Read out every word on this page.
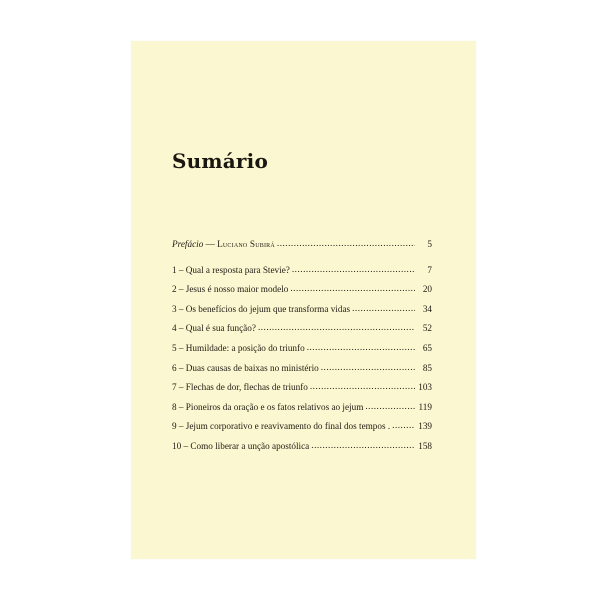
Sumário
Prefácio — Luciano Subirá .....	5
1 – Qual a resposta para Stevie? .....	7
2 – Jesus é nosso maior modelo .....	20
3 – Os benefícios do jejum que transforma vidas .....	34
4 – Qual é sua função? .....	52
5 – Humildade: a posição do triunfo .....	65
6 – Duas causas de baixas no ministério .....	85
7 – Flechas de dor, flechas de triunfo .....	103
8 – Pioneiros da oração e os fatos relativos ao jejum .....	119
9 – Jejum corporativo e reavivamento do final dos tempos . .....	139
10 – Como liberar a unção apostólica .....	158
